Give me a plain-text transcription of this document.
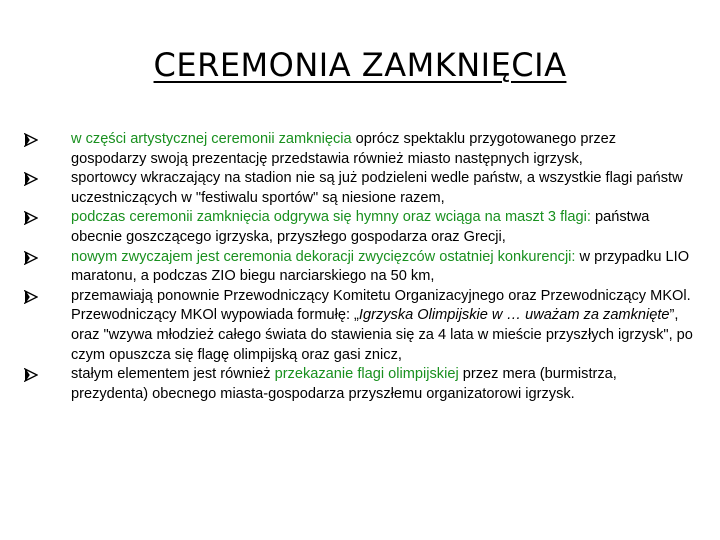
CEREMONIA ZAMKNIĘCIA
w części artystycznej ceremonii zamknięcia oprócz spektaklu przygotowanego przez gospodarzy swoją prezentację przedstawia również miasto następnych igrzysk,
sportowcy wkraczający na stadion nie są już podzieleni wedle państw, a wszystkie flagi państw uczestniczących w "festiwalu sportów" są niesione razem,
podczas ceremonii zamknięcia odgrywa się hymny oraz wciąga na maszt 3 flagi: państwa obecnie goszczącego igrzyska, przyszłego gospodarza oraz Grecji,
nowym zwyczajem jest ceremonia dekoracji zwycięzców ostatniej konkurencji: w przypadku LIO maratonu, a podczas ZIO biegu narciarskiego na 50 km,
przemawiają ponownie Przewodniczący Komitetu Organizacyjnego oraz Przewodniczący MKOl. Przewodniczący MKOl wypowiada formułę: „Igrzyska Olimpijskie w … uważam za zamknięte”, oraz "wzywa młodzież całego świata do stawienia się za 4 lata w mieście przyszłych igrzysk", po czym opuszcza się flagę olimpijską oraz gasi znicz,
stałym elementem jest również przekazanie flagi olimpijskiej przez mera (burmistrza, prezydenta) obecnego miasta-gospodarza przyszłemu organizatorowi igrzysk.
